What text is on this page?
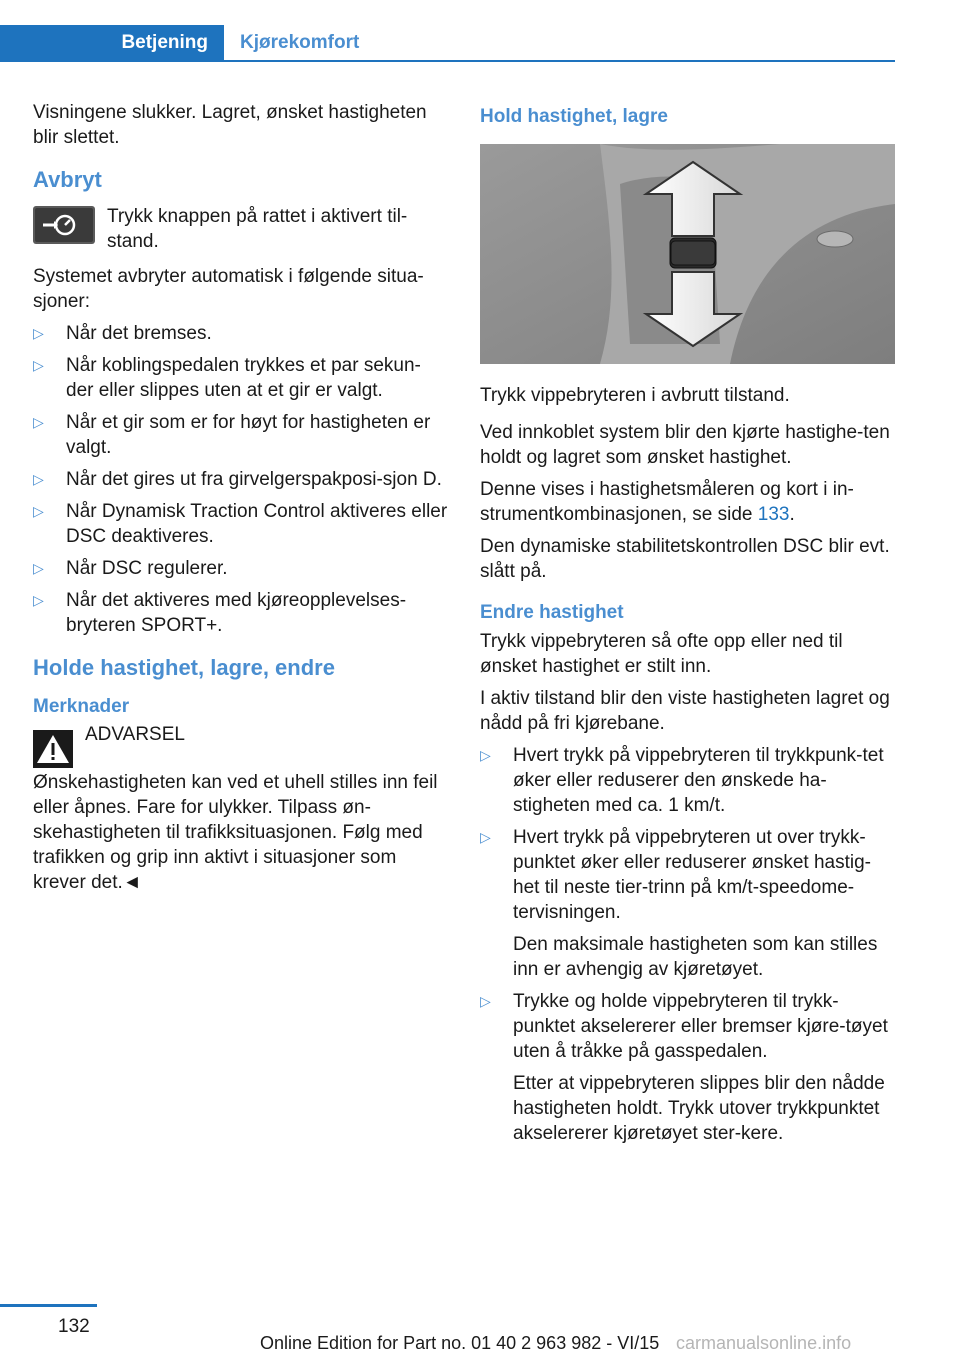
Betjening Kjørekomfort

Visningene slukker. Lagret, ønsket hastigheten blir slettet.

Avbryt
Trykk knappen på rattet i aktivert til-stand.

Systemet avbryter automatisk i følgende situa-sjoner:

▷ Når det bremses.
▷ Når koblingspedalen trykkes et par sekun-der eller slippes uten at et gir er valgt.
▷ Når et gir som er for høyt for hastigheten er valgt.
▷ Når det gires ut fra girvelgerspakposi-sjon D.
▷ Når Dynamisk Traction Control aktiveres eller DSC deaktiveres.
▷ Når DSC regulerer.
▷ Når det aktiveres med kjøreopplevelses-bryteren SPORT+.
Holde hastighet, lagre, endre
Merknader
ADVARSEL

Ønskehastigheten kan ved et uhell stilles inn feil eller åpnes. Fare for ulykker. Tilpass øn-skehastigheten til trafikksituasjonen. Følg med trafikken og grip inn aktivt i situasjoner som krever det.◄

Hold hastighet, lagre

Trykk vippebryteren i avbrutt tilstand.

Ved innkoblet system blir den kjørte hastighe-ten holdt og lagret som ønsket hastighet.

Denne vises i hastighetsmåleren og kort i in-strumentkombinasjonen, se side 133.

Den dynamiske stabilitetskontrollen DSC blir evt. slått på.

Endre hastighet

Trykk vippebryteren så ofte opp eller ned til ønsket hastighet er stilt inn.

I aktiv tilstand blir den viste hastigheten lagret og nådd på fri kjørebane.

▷ Hvert trykk på vippebryteren til trykkpunk-tet øker eller reduserer den ønskede ha-stigheten med ca. 1 km/t.
▷ Hvert trykk på vippebryteren ut over trykk-punktet øker eller reduserer ønsket hastig-het til neste tier-trinn på km/t-speedome-tervisningen.
Den maksimale hastigheten som kan stilles inn er avhengig av kjøretøyet.
▷ Trykke og holde vippebryteren til trykk-punktet akselererer eller bremser kjøre-tøyet uten å tråkke på gasspedalen.
Etter at vippebryteren slippes blir den nådde hastigheten holdt. Trykk utover trykkpunktet akselererer kjøretøyet ster-kere.
132
Online Edition for Part no. 01 40 2 963 982 - VI/15 carmanualsonline.info
